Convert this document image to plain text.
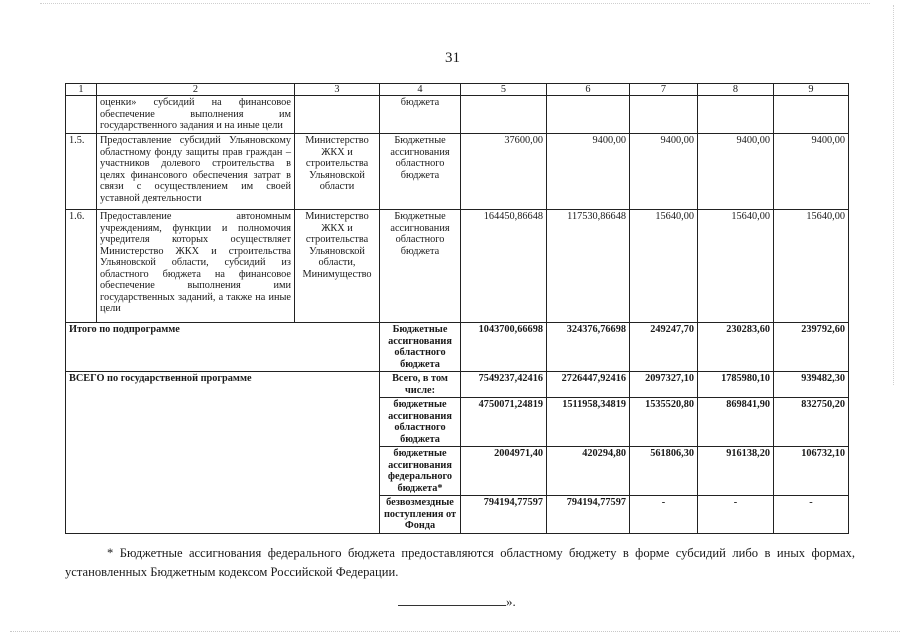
31
1	2	3	4	5	6	7	8	9
	оценки» субсидий на финансовое обеспечение выполнения им государственного задания и на иные цели		бюджета					
1.5.	Предоставление субсидий Ульяновскому областному фонду защиты прав граждан – участников долевого строительства в целях финансового обеспечения затрат в связи с осуществлением им своей уставной деятельности	Министерство ЖКХ и строительства Ульяновской области	Бюджетные ассигнования областного бюджета	37600,00	9400,00	9400,00	9400,00	9400,00
1.6.	Предоставление автономным учреждениям, функции и полномочия учредителя которых осуществляет Министерство ЖКХ и строительства Ульяновской области, субсидий из областного бюджета на финансовое обеспечение выполнения ими государственных заданий, а также на иные цели	Министерство ЖКХ и строительства Ульяновской области, Минимущество	Бюджетные ассигнования областного бюджета	164450,86648	117530,86648	15640,00	15640,00	15640,00
Итого по подпрограмме			Бюджетные ассигнования областного бюджета	1043700,66698	324376,76698	249247,70	230283,60	239792,60
ВСЕГО по государственной программе			Всего, в том числе:	7549237,42416	2726447,92416	2097327,10	1785980,10	939482,30
			бюджетные ассигнования областного бюджета	4750071,24819	1511958,34819	1535520,80	869841,90	832750,20
			бюджетные ассигнования федерального бюджета*	2004971,40	420294,80	561806,30	916138,20	106732,10
			безвозмездные поступления от Фонда	794194,77597	794194,77597	-	-	-
* Бюджетные ассигнования федерального бюджета предоставляются областному бюджету в форме субсидий либо в иных формах, установленных Бюджетным кодексом Российской Федерации.
».
